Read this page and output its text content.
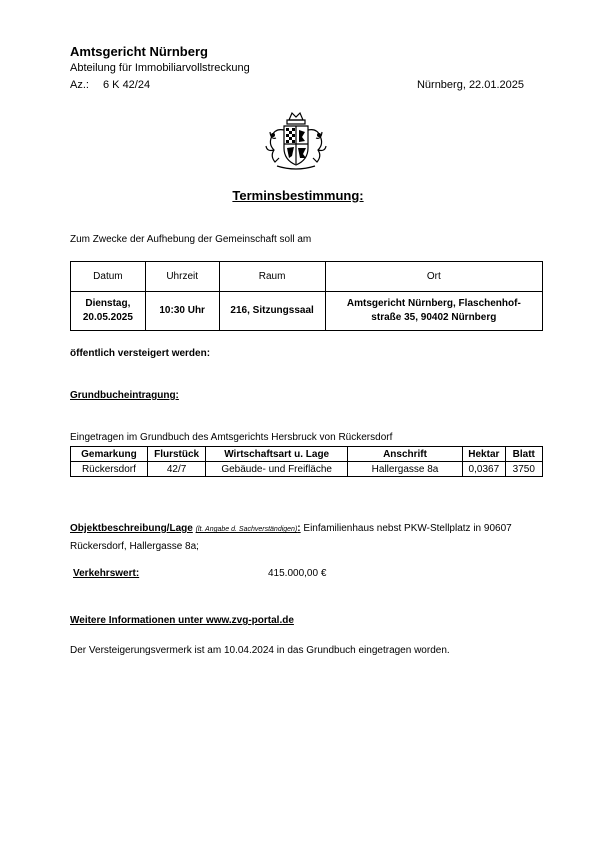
Amtsgericht Nürnberg
Abteilung für Immobiliarvollstreckung
Az.: 6 K 42/24	Nürnberg, 22.01.2025
Terminsbestimmung:
Zum Zwecke der Aufhebung der Gemeinschaft soll am
Datum	Uhrzeit	Raum	Ort
Dienstag,
20.05.2025	10:30 Uhr	216, Sitzungssaal	Amtsgericht Nürnberg, Flaschenhof-
straße 35, 90402 Nürnberg
öffentlich versteigert werden:
Grundbucheintragung:
Eingetragen im Grundbuch des Amtsgerichts Hersbruck von Rückersdorf
Gemarkung	Flurstück	Wirtschaftsart u. Lage	Anschrift	Hektar	Blatt
Rückersdorf	42/7	Gebäude- und Freifläche	Hallergasse 8a	0,0367	3750
Objektbeschreibung/Lage (lt. Angabe d. Sachverständigen): Einfamilienhaus nebst PKW-Stellplatz in 90607 Rückersdorf, Hallergasse 8a;
Verkehrswert:	415.000,00 €
Weitere Informationen unter www.zvg-portal.de
Der Versteigerungsvermerk ist am 10.04.2024 in das Grundbuch eingetragen worden.
